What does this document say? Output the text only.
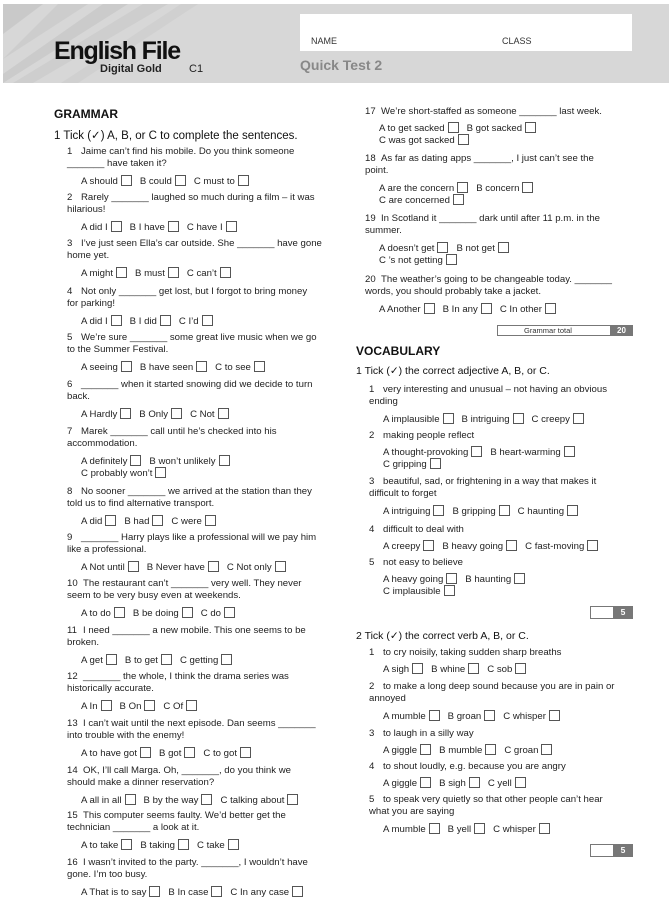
English File
Digital Gold C1
NAME	CLASS
Quick Test 2
GRAMMAR
1 Tick (✓) A, B, or C to complete the sentences.
1 Jaime can’t find his mobile. Do you think someone
_______ have taken it?
A should B could C must to
2 Rarely _______ laughed so much during a film – it was
hilarious!
A did I B I have C have I
3 I’ve just seen Ella’s car outside. She _______ have gone
home yet.
A might B must C can’t
4 Not only _______ get lost, but I forgot to bring money
for parking!
A did I B I did C I’d
5 We’re sure _______ some great live music when we go
to the Summer Festival.
A seeing B have seen C to see
6 _______ when it started snowing did we decide to turn
back.
A Hardly B Only C Not
7 Marek _______ call until he’s checked into his
accommodation.
A definitely B won’t unlikely
C probably won’t
8 No sooner _______ we arrived at the station than they
told us to find alternative transport.
A did B had C were
9 _______ Harry plays like a professional will we pay him
like a professional.
A Not until B Never have C Not only
10 The restaurant can’t _______ very well. They never
seem to be very busy even at weekends.
A to do B be doing C do
11 I need _______ a new mobile. This one seems to be
broken.
A get B to get C getting
12 _______ the whole, I think the drama series was
historically accurate.
A In B On C Of
13 I can’t wait until the next episode. Dan seems _______
into trouble with the enemy!
A to have got B got C to got
14 OK, I’ll call Marga. Oh, _______, do you think we
should make a dinner reservation?
A all in all B by the way C talking about
15 This computer seems faulty. We’d better get the
technician _______ a look at it.
A to take B taking C take
16 I wasn’t invited to the party. _______, I wouldn’t have
gone. I’m too busy.
A That is to say B In case C In any case
17 We’re short-staffed as someone _______ last week.
A to get sacked B got sacked
C was got sacked
18 As far as dating apps _______, I just can’t see the
point.
A are the concern B concern
C are concerned
19 In Scotland it _______ dark until after 11 p.m. in the
summer.
A doesn’t get B not get
C ’s not getting
20 The weather’s going to be changeable today. _______
words, you should probably take a jacket.
A Another B In any C In other
Grammar total	20
VOCABULARY
1 Tick (✓) the correct adjective A, B, or C.
1 very interesting and unusual – not having an obvious
ending
A implausible B intriguing C creepy
2 making people reflect
A thought-provoking B heart-warming
C gripping
3 beautiful, sad, or frightening in a way that makes it
difficult to forget
A intriguing B gripping C haunting
4 difficult to deal with
A creepy B heavy going C fast-moving
5 not easy to believe
A heavy going B haunting
C implausible
5
2 Tick (✓) the correct verb A, B, or C.
1 to cry noisily, taking sudden sharp breaths
A sigh B whine C sob
2 to make a long deep sound because you are in pain or
annoyed
A mumble B groan C whisper
3 to laugh in a silly way
A giggle B mumble C groan
4 to shout loudly, e.g. because you are angry
A giggle B sigh C yell
5 to speak very quietly so that other people can’t hear
what you are saying
A mumble B yell C whisper
5
